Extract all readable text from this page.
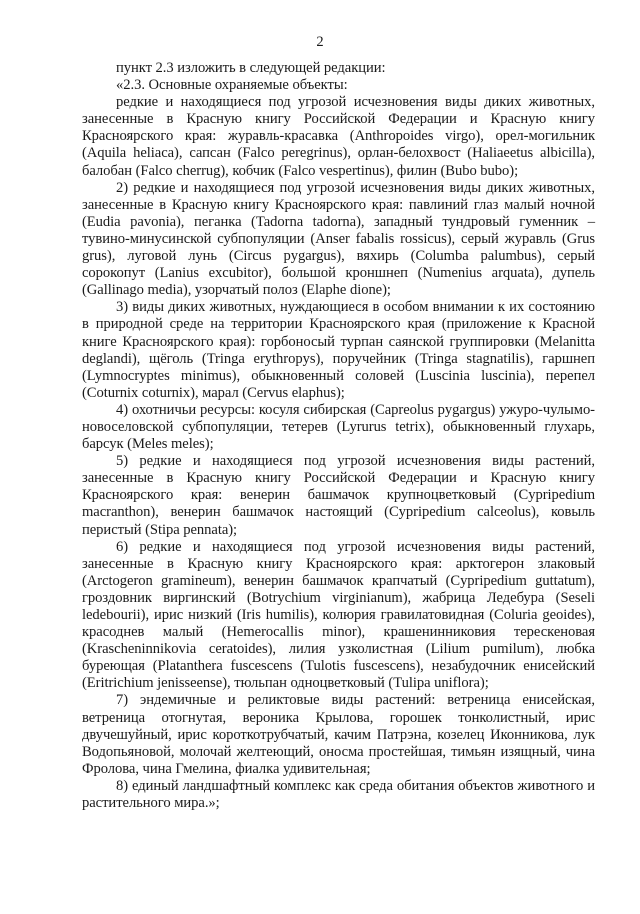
2

пункт 2.3 изложить в следующей редакции:

«2.3. Основные охраняемые объекты:

редкие и находящиеся под угрозой исчезновения виды диких животных, занесенные в Красную книгу Российской Федерации и Красную книгу Красноярского края: журавль-красавка (Anthropoides virgo), орел-могильник (Aquila heliaca), сапсан (Falco peregrinus), орлан-белохвост (Haliaeetus albicilla), балобан (Falco cherrug), кобчик (Falco vespertinus), филин (Bubo bubo);

2) редкие и находящиеся под угрозой исчезновения виды диких животных, занесенные в Красную книгу Красноярского края: павлиний глаз малый ночной (Eudia pavonia), пеганка (Tadorna tadorna), западный тундровый гуменник – тувино-минусинской субпопуляции (Anser fabalis rossicus), серый журавль (Grus grus), луговой лунь (Circus pygargus), вяхирь (Columba palumbus), серый сорокопут (Lanius excubitor), большой кроншнеп (Numenius arquata), дупель (Gallinago media), узорчатый полоз (Elaphe dione);

3) виды диких животных, нуждающиеся в особом внимании к их состоянию в природной среде на территории Красноярского края (приложение к Красной книге Красноярского края): горбоносый турпан саянской группировки (Melanitta deglandi), щёголь (Tringa erythropys), поручейник (Tringa stagnatilis), гаршнеп (Lymnocryptes minimus), обыкновенный соловей (Luscinia luscinia), перепел (Coturnix coturnix), марал (Cervus elaphus);

4) охотничьи ресурсы: косуля сибирская (Capreolus pygargus) ужуро-чулымо-новоселовской субпопуляции, тетерев (Lyrurus tetrix), обыкновенный глухарь, барсук (Meles meles);

5) редкие и находящиеся под угрозой исчезновения виды растений, занесенные в Красную книгу Российской Федерации и Красную книгу Красноярского края: венерин башмачок крупноцветковый (Cypripedium macranthon), венерин башмачок настоящий (Cypripedium calceolus), ковыль перистый (Stipa pennata);

6) редкие и находящиеся под угрозой исчезновения виды растений, занесенные в Красную книгу Красноярского края: арктогерон злаковый (Arctogeron gramineum), венерин башмачок крапчатый (Cypripedium guttatum), гроздовник виргинский (Botrychium virginianum), жабрица Ледебура (Seseli ledebourii), ирис низкий (Iris humilis), колюрия гравилатовидная (Coluria geoides), красоднев малый (Hemerocallis minor), крашенинниковия терескеновая (Krascheninnikovia ceratoides), лилия узколистная (Lilium pumilum), любка буреющая (Platanthera fuscescens (Tulotis fuscescens), незабудочник енисейский (Eritrichium jenisseense), тюльпан одноцветковый (Tulipa uniflora);

7) эндемичные и реликтовые виды растений: ветреница енисейская, ветреница отогнутая, вероника Крылова, горошек тонколистный, ирис двучешуйный, ирис короткотрубчатый, качим Патрэна, козелец Иконникова, лук Водопьяновой, молочай желтеющий, оносма простейшая, тимьян изящный, чина Фролова, чина Гмелина, фиалка удивительная;

8) единый ландшафтный комплекс как среда обитания объектов животного и растительного мира.»;
